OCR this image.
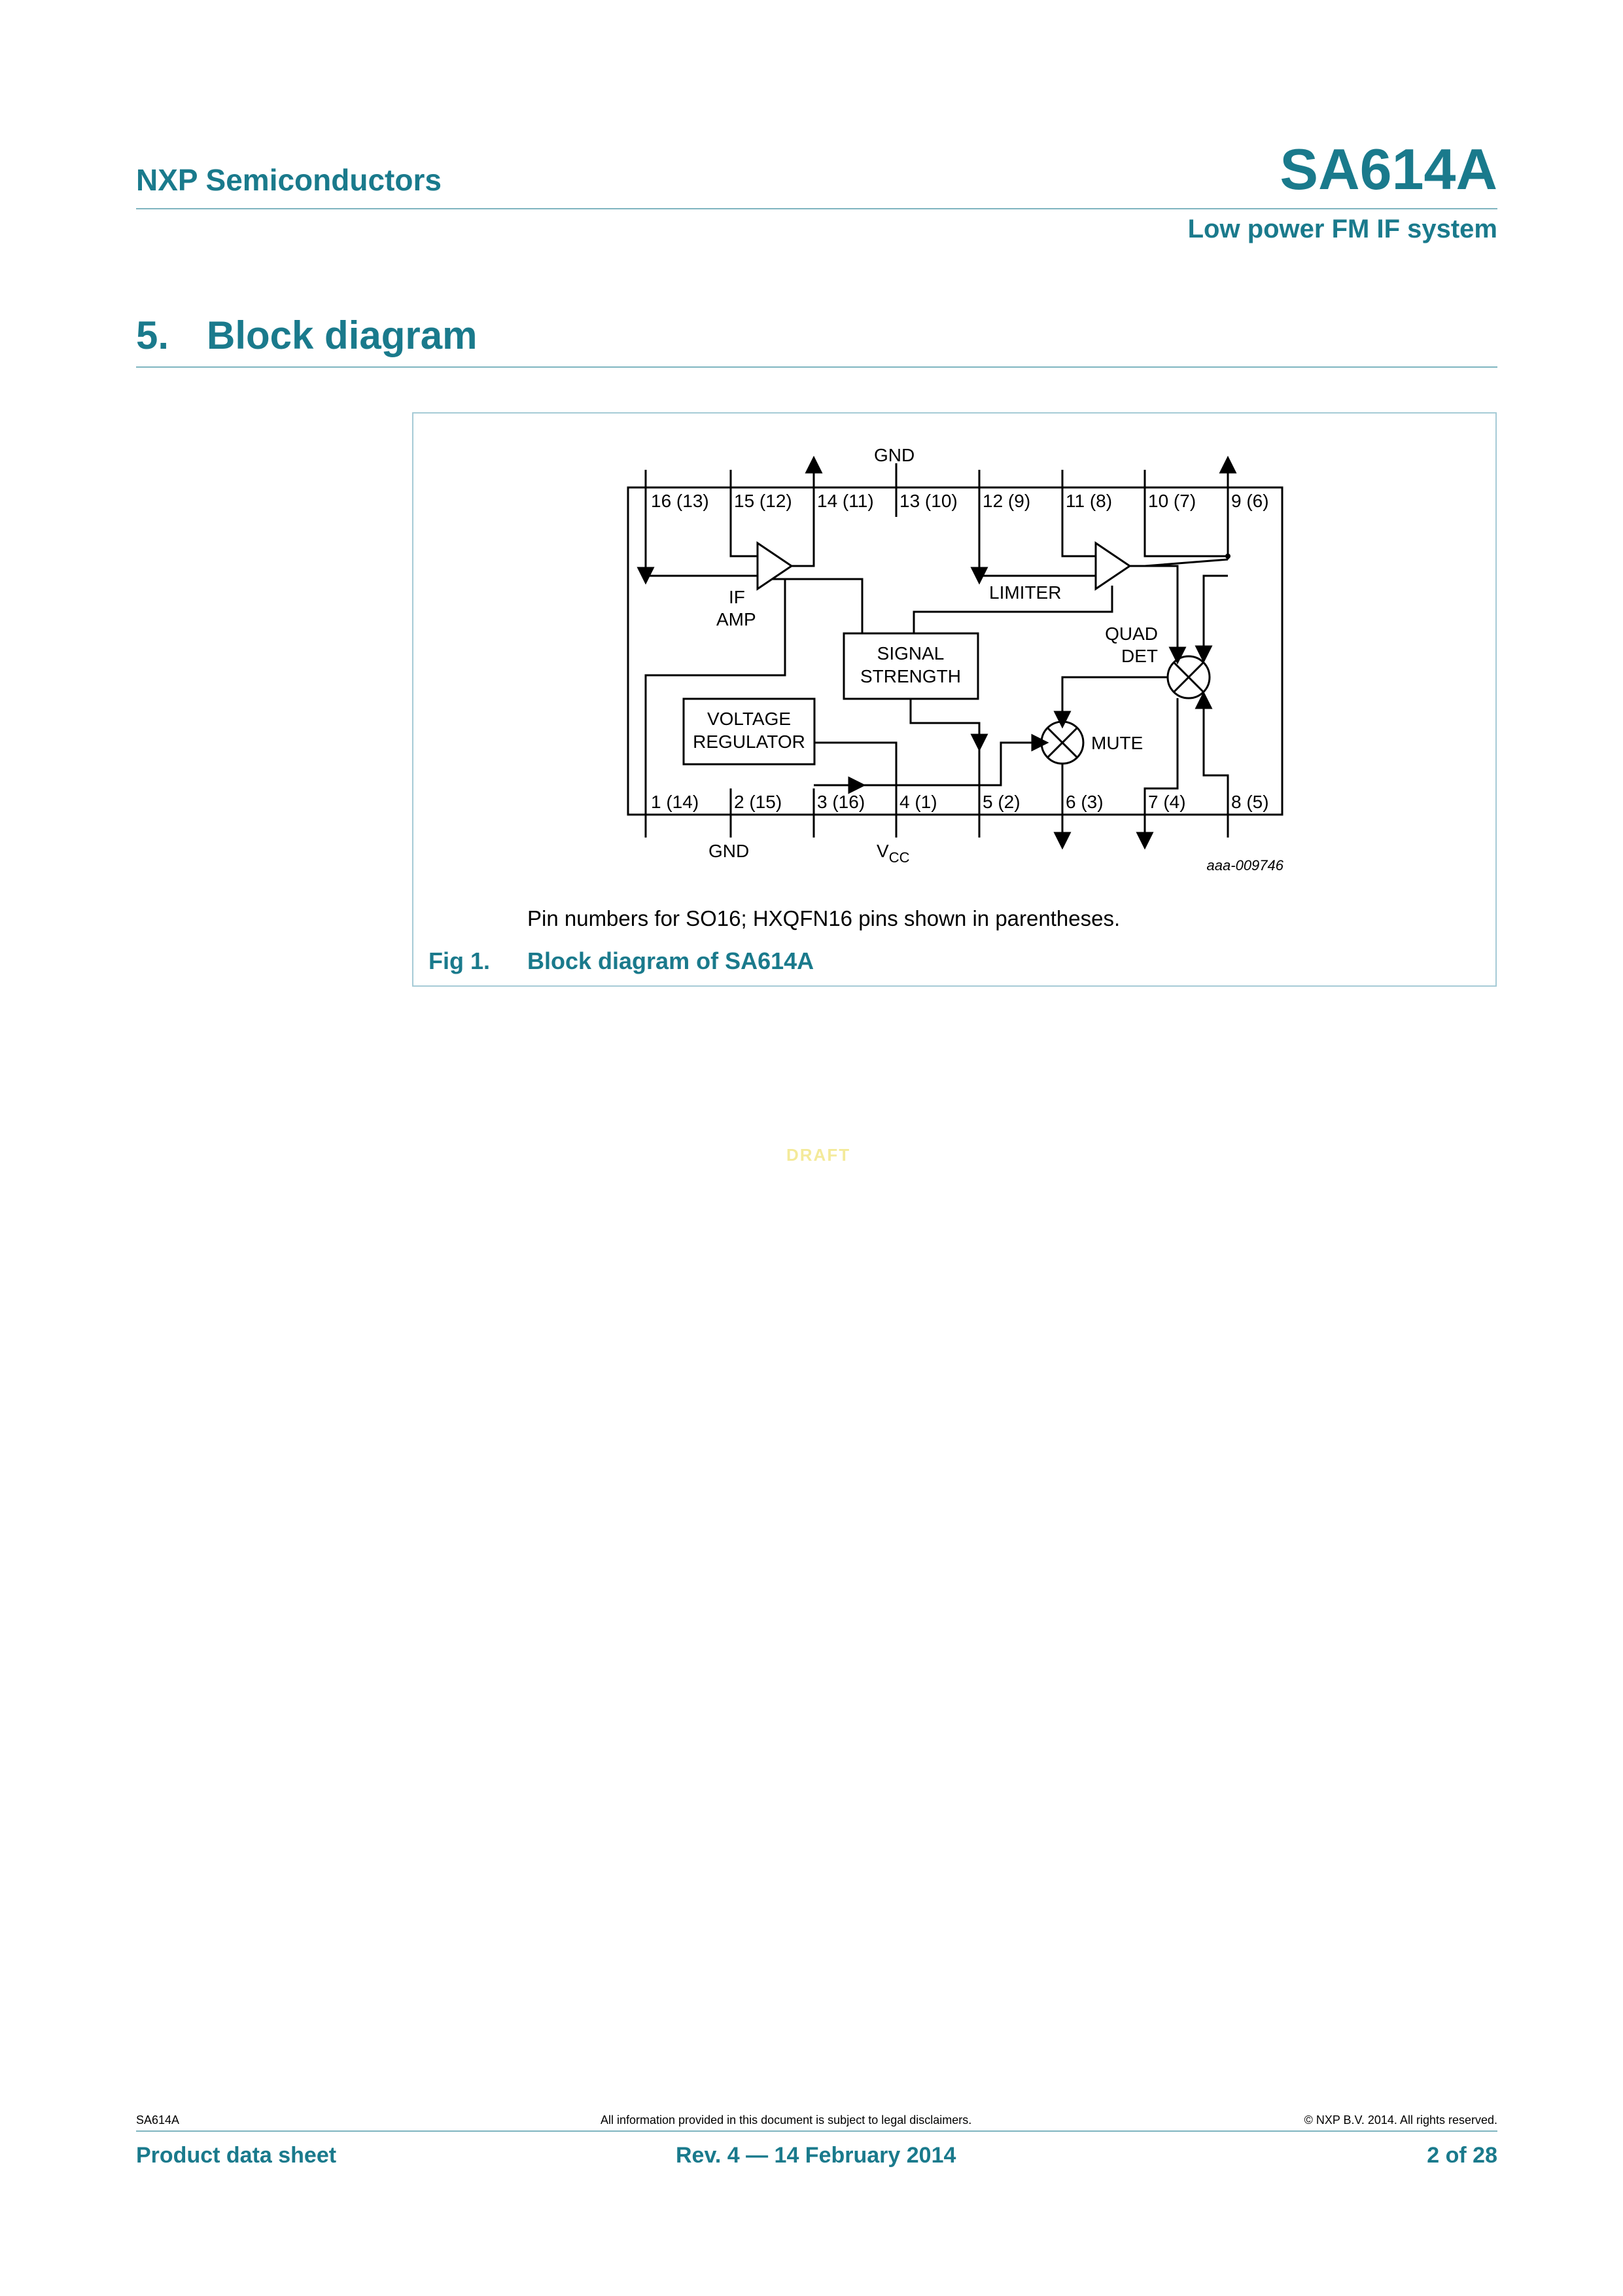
NXP Semiconductors	SA614A
Low power FM IF system
5. Block diagram
16 (13) 15 (12) 14 (11) 13 (10) 12 (9) 11 (8) 10 (7) 9 (6)
GND
1 (14) 2 (15) 3 (16) 4 (1) 5 (2) 6 (3) 7 (4) 8 (5)
GND	$V_{CC}$
IF
AMP
LIMITER
SIGNAL
STRENGTH
VOLTAGE
REGULATOR
QUAD
DET
MUTE
aaa-009746
Pin numbers for SO16; HXQFN16 pins shown in parentheses.
Fig 1. Block diagram of SA614A
DRAFT
SA614A	All information provided in this document is subject to legal disclaimers.	© NXP B.V. 2014. All rights reserved.
Product data sheet	Rev. 4 — 14 February 2014	2 of 28
